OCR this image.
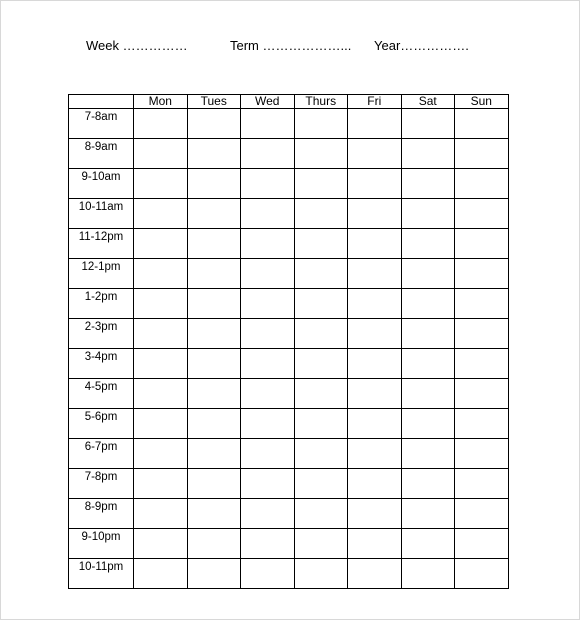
Week ……………	Term ………………... Year…………….
	Mon	Tues	Wed	Thurs	Fri	Sat	Sun
7-8am							
8-9am							
9-10am							
10-11am							
11-12pm							
12-1pm							
1-2pm							
2-3pm							
3-4pm							
4-5pm							
5-6pm							
6-7pm							
7-8pm							
8-9pm							
9-10pm							
10-11pm							
